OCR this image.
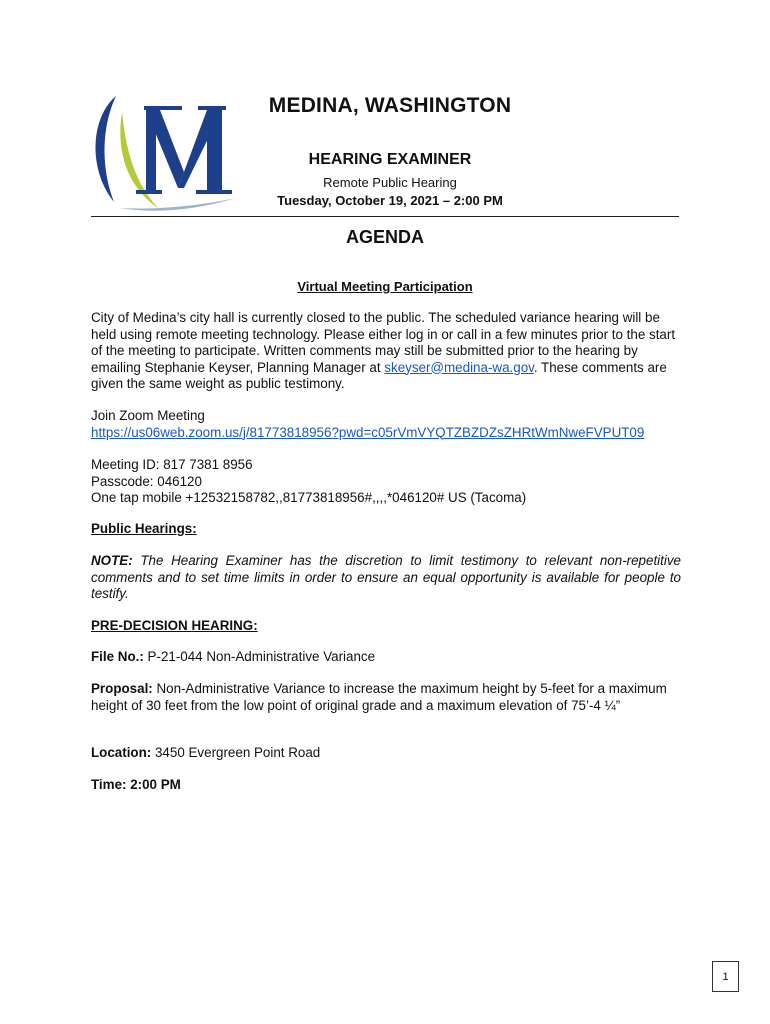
MEDINA, WASHINGTON
HEARING EXAMINER
Remote Public Hearing
Tuesday, October 19, 2021 – 2:00 PM
AGENDA
Virtual Meeting Participation
City of Medina’s city hall is currently closed to the public. The scheduled variance hearing will be held using remote meeting technology. Please either log in or call in a few minutes prior to the start of the meeting to participate. Written comments may still be submitted prior to the hearing by emailing Stephanie Keyser, Planning Manager at skeyser@medina-wa.gov. These comments are given the same weight as public testimony.
Join Zoom Meeting
https://us06web.zoom.us/j/81773818956?pwd=c05rVmVYQTZBZDZsZHRtWmNweFVPUT09
Meeting ID: 817 7381 8956
Passcode: 046120
One tap mobile +12532158782,,81773818956#,,,,*046120# US (Tacoma)
Public Hearings:
NOTE: The Hearing Examiner has the discretion to limit testimony to relevant non-repetitive comments and to set time limits in order to ensure an equal opportunity is available for people to testify.
PRE-DECISION HEARING:
File No.: P-21-044 Non-Administrative Variance
Proposal: Non-Administrative Variance to increase the maximum height by 5-feet for a maximum height of 30 feet from the low point of original grade and a maximum elevation of 75’-4 ¼”
Location: 3450 Evergreen Point Road
Time: 2:00 PM
1
